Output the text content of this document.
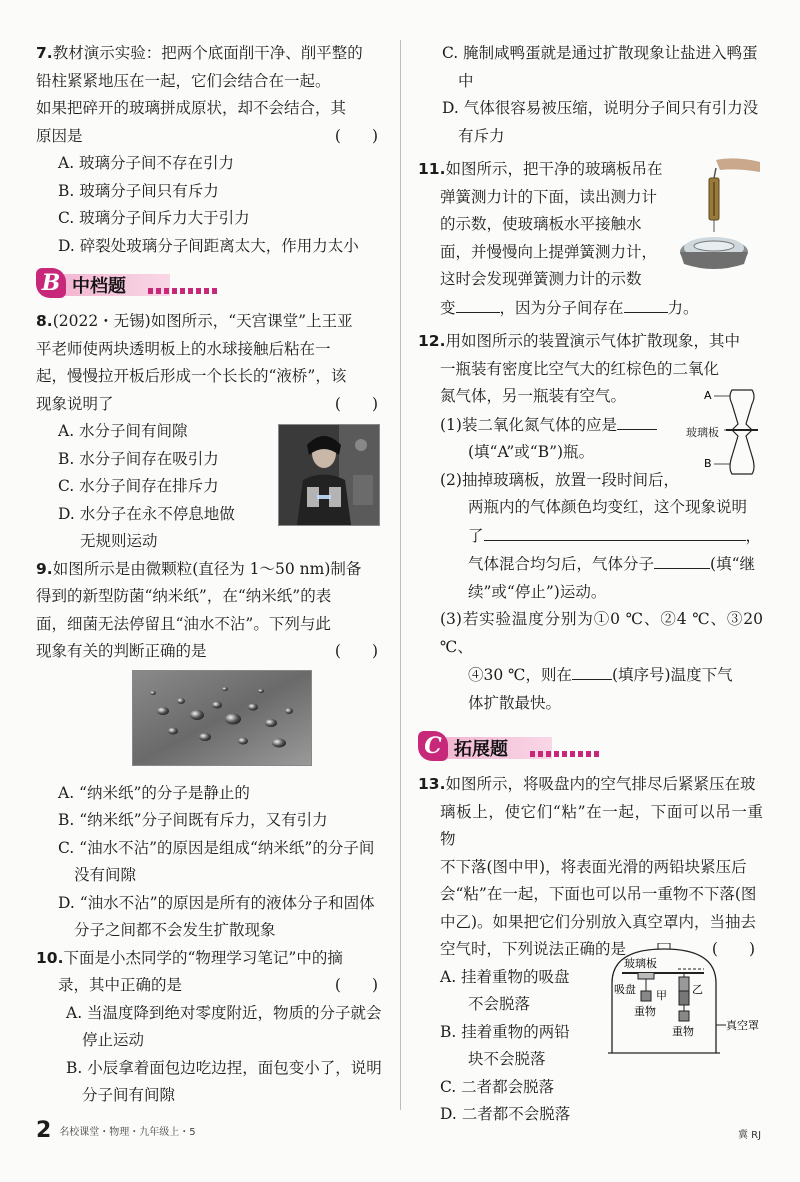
7.教材演示实验：把两个底面削干净、削平整的

铅柱紧紧地压在一起，它们会结合在一起。

如果把碎开的玻璃拼成原状，却不会结合，其

原因是	(　　)

A. 玻璃分子间不存在引力

B. 玻璃分子间只有斥力

C. 玻璃分子间斥力大于引力

D. 碎裂处玻璃分子间距离太大，作用力太小

B 中档题

8.(2022・无锡)如图所示，“天宫课堂”上王亚

平老师使两块透明板上的水球接触后粘在一

起，慢慢拉开板后形成一个长长的“液桥”，该

现象说明了	(　　)

A. 水分子间有间隙

B. 水分子间存在吸引力

C. 水分子间存在排斥力

D. 水分子在永不停息地做

无规则运动

9.如图所示是由微颗粒(直径为 1～50 nm)制备

得到的新型防菌“纳米纸”，在“纳米纸”的表

面，细菌无法停留且“油水不沾”。下列与此

现象有关的判断正确的是	(　　)

A. “纳米纸”的分子是静止的

B. “纳米纸”分子间既有斥力，又有引力

C. “油水不沾”的原因是组成“纳米纸”的分子间没有间隙

D. “油水不沾”的原因是所有的液体分子和固体分子之间都不会发生扩散现象

10.下面是小杰同学的“物理学习笔记”中的摘

录，其中正确的是	(　　)

A. 当温度降到绝对零度附近，物质的分子就会停止运动

B. 小辰拿着面包边吃边捏，面包变小了，说明分子间有间隙

C. 腌制咸鸭蛋就是通过扩散现象让盐进入鸭蛋中

D. 气体很容易被压缩，说明分子间只有引力没有斥力

11.如图所示，把干净的玻璃板吊在

弹簧测力计的下面，读出测力计

的示数，使玻璃板水平接触水

面，并慢慢向上提弹簧测力计，

这时会发现弹簧测力计的示数

变	，因为分子间存在	力。

12.用如图所示的装置演示气体扩散现象，其中

一瓶装有密度比空气大的红棕色的二氧化

氮气体，另一瓶装有空气。

(1)装二氧化氮气体的应是

(填“A”或“B”)瓶。

(2)抽掉玻璃板，放置一段时间后，

两瓶内的气体颜色均变红，这个现象说明

了	，

气体混合均匀后，气体分子	(填“继

续”或“停止”)运动。

(3)若实验温度分别为①0 ℃、②4 ℃、③20 ℃、

④30 ℃，则在	(填序号)温度下气

体扩散最快。

A
B
玻璃板
C 拓展题

13.如图所示，将吸盘内的空气排尽后紧紧压在玻

璃板上，使它们“粘”在一起，下面可以吊一重物

不下落(图中甲)，将表面光滑的两铅块紧压后

会“粘”在一起，下面也可以吊一重物不下落(图

中乙)。如果把它们分别放入真空罩内，当抽去

空气时，下列说法正确的是	(　　)

A. 挂着重物的吸盘

不会脱落

B. 挂着重物的两铅

块不会脱落

C. 二者都会脱落

D. 二者都不会脱落

玻璃板
吸盘 甲 乙
重物
重物	真空罩
2 名校课堂・物理・九年级上・5	冀 RJ
